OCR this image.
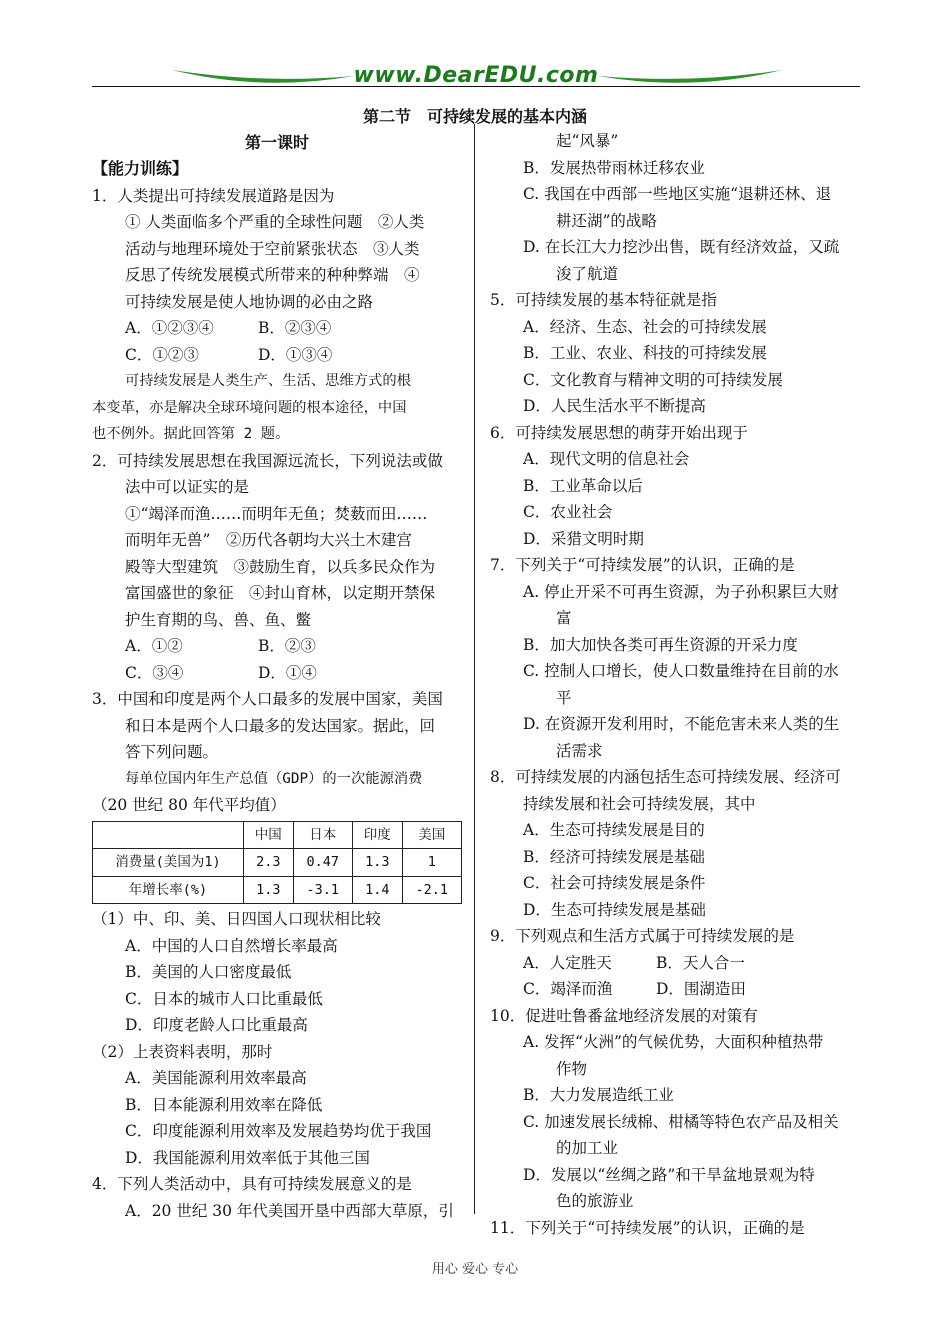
www.DearEDU.com
第二节　可持续发展的基本内涵
第一课时
【能力训练】
1．人类提出可持续发展道路是因为
① 人类面临多个严重的全球性问题　②人类
活动与地理环境处于空前紧张状态　③人类
反思了传统发展模式所带来的种种弊端　④
可持续发展是使人地协调的必由之路
A．①②③④	B．②③④
C．①②③	D．①③④
可持续发展是人类生产、生活、思维方式的根
本变革，亦是解决全球环境问题的根本途径，中国
也不例外。据此回答第 2 题。
2．可持续发展思想在我国源远流长，下列说法或做
法中可以证实的是
①“竭泽而渔……而明年无鱼；焚薮而田……
而明年无兽”　②历代各朝均大兴土木建宫
殿等大型建筑　③鼓励生育，以兵多民众作为
富国盛世的象征　④封山育林，以定期开禁保
护生育期的鸟、兽、鱼、鳖
A．①②	B．②③
C．③④	D．①④
3．中国和印度是两个人口最多的发展中国家，美国
和日本是两个人口最多的发达国家。据此，回
答下列问题。
每单位国内年生产总值（GDP）的一次能源消费
（20 世纪 80 年代平均值）
	中国	日本	印度	美国
消费量(美国为1)	2.3	0.47	1.3	1
年增长率(%)	1.3	-3.1	1.4	-2.1
（1）中、印、美、日四国人口现状相比较
A．中国的人口自然增长率最高
B．美国的人口密度最低
C．日本的城市人口比重最低
D．印度老龄人口比重最高
（2）上表资料表明，那时
A．美国能源利用效率最高
B．日本能源利用效率在降低
C．印度能源利用效率及发展趋势均优于我国
D．我国能源利用效率低于其他三国
4．下列人类活动中，具有可持续发展意义的是
A．20 世纪 30 年代美国开垦中西部大草原，引
起“风暴”
B．发展热带雨林迁移农业
C. 我国在中西部一些地区实施“退耕还林、退
耕还湖”的战略
D. 在长江大力挖沙出售，既有经济效益，又疏
浚了航道
5．可持续发展的基本特征就是指
A．经济、生态、社会的可持续发展
B．工业、农业、科技的可持续发展
C．文化教育与精神文明的可持续发展
D．人民生活水平不断提高
6．可持续发展思想的萌芽开始出现于
A．现代文明的信息社会
B．工业革命以后
C．农业社会
D．采猎文明时期
7．下列关于“可持续发展”的认识，正确的是
A. 停止开采不可再生资源，为子孙积累巨大财
富
B．加大加快各类可再生资源的开采力度
C. 控制人口增长，使人口数量维持在目前的水
平
D. 在资源开发利用时，不能危害未来人类的生
活需求
8．可持续发展的内涵包括生态可持续发展、经济可
持续发展和社会可持续发展，其中
A．生态可持续发展是目的
B．经济可持续发展是基础
C．社会可持续发展是条件
D．生态可持续发展是基础
9．下列观点和生活方式属于可持续发展的是
A．人定胜天	B．天人合一
C．竭泽而渔	D．围湖造田
10．促进吐鲁番盆地经济发展的对策有
A. 发挥“火洲”的气候优势，大面积种植热带
作物
B．大力发展造纸工业
C. 加速发展长绒棉、柑橘等特色农产品及相关
的加工业
D．发展以“丝绸之路”和干旱盆地景观为特
色的旅游业
11．下列关于“可持续发展”的认识，正确的是
用心 爱心 专心
